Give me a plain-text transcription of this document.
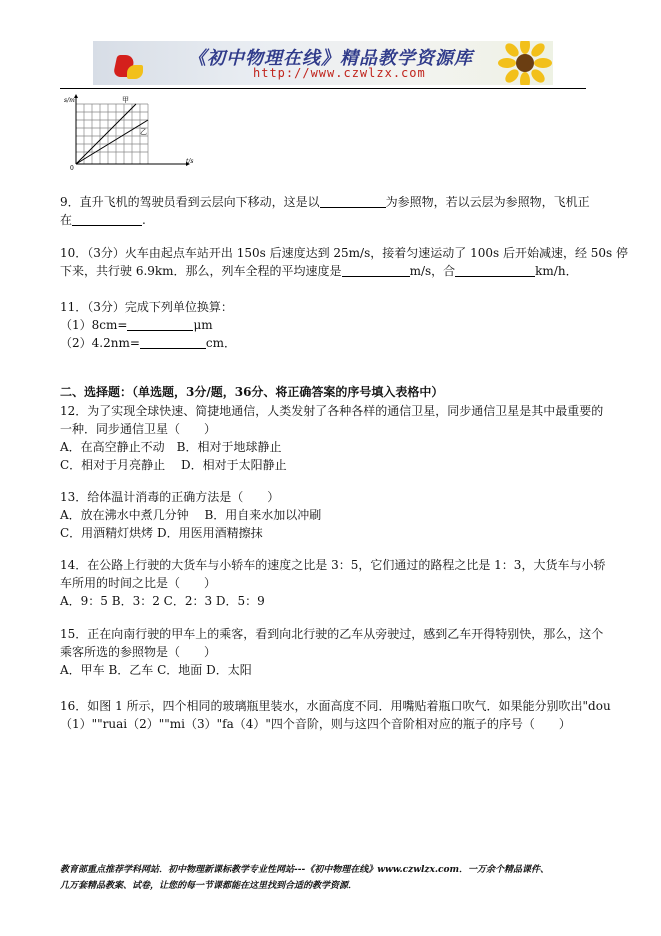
《初中物理在线》精品教学资源库
http://www.czwlzx.com
s/m
t/s
0
甲
乙
9．直升飞机的驾驶员看到云层向下移动，这是以	为参照物，若以云层为参照物，飞机正
在	.
10．（3分）火车由起点车站开出 150s 后速度达到 25m/s，接着匀速运动了 100s 后开始减速，经 50s 停
下来，共行驶 6.9km．那么，列车全程的平均速度是	m/s，合	km/h．
11．（3分）完成下列单位换算：
（1）8cm=	μm
（2）4.2nm=	cm．
二、选择题：（单选题，3分/题，36分、将正确答案的序号填入表格中）
12．为了实现全球快速、简捷地通信，人类发射了各种各样的通信卫星，同步通信卫星是其中最重要的
一种．同步通信卫星（　　）
A．在高空静止不动　B．相对于地球静止
C．相对于月亮静止　 D．相对于太阳静止
13．给体温计消毒的正确方法是（　　）
A．放在沸水中煮几分钟　 B．用自来水加以冲刷
C．用酒精灯烘烤 D．用医用酒精擦抹
14．在公路上行驶的大货车与小轿车的速度之比是 3：5，它们通过的路程之比是 1：3，大货车与小轿
车所用的时间之比是（　　）
A．9：5 B．3：2 C．2：3 D．5：9
15．正在向南行驶的甲车上的乘客，看到向北行驶的乙车从旁驶过，感到乙车开得特别快，那么，这个
乘客所选的参照物是（　　）
A．甲车 B．乙车 C．地面 D．太阳
16．如图 1 所示，四个相同的玻璃瓶里装水，水面高度不同．用嘴贴着瓶口吹气．如果能分别吹出"dou
（1）""ruai（2）""mi（3）"fa（4）"四个音阶，则与这四个音阶相对应的瓶子的序号（　　）
教育部重点推荐学科网站．初中物理新课标教学专业性网站---《初中物理在线》www.czwlzx.com．一万余个精品课件、
几万套精品教案、试卷，让您的每一节课都能在这里找到合适的教学资源．
